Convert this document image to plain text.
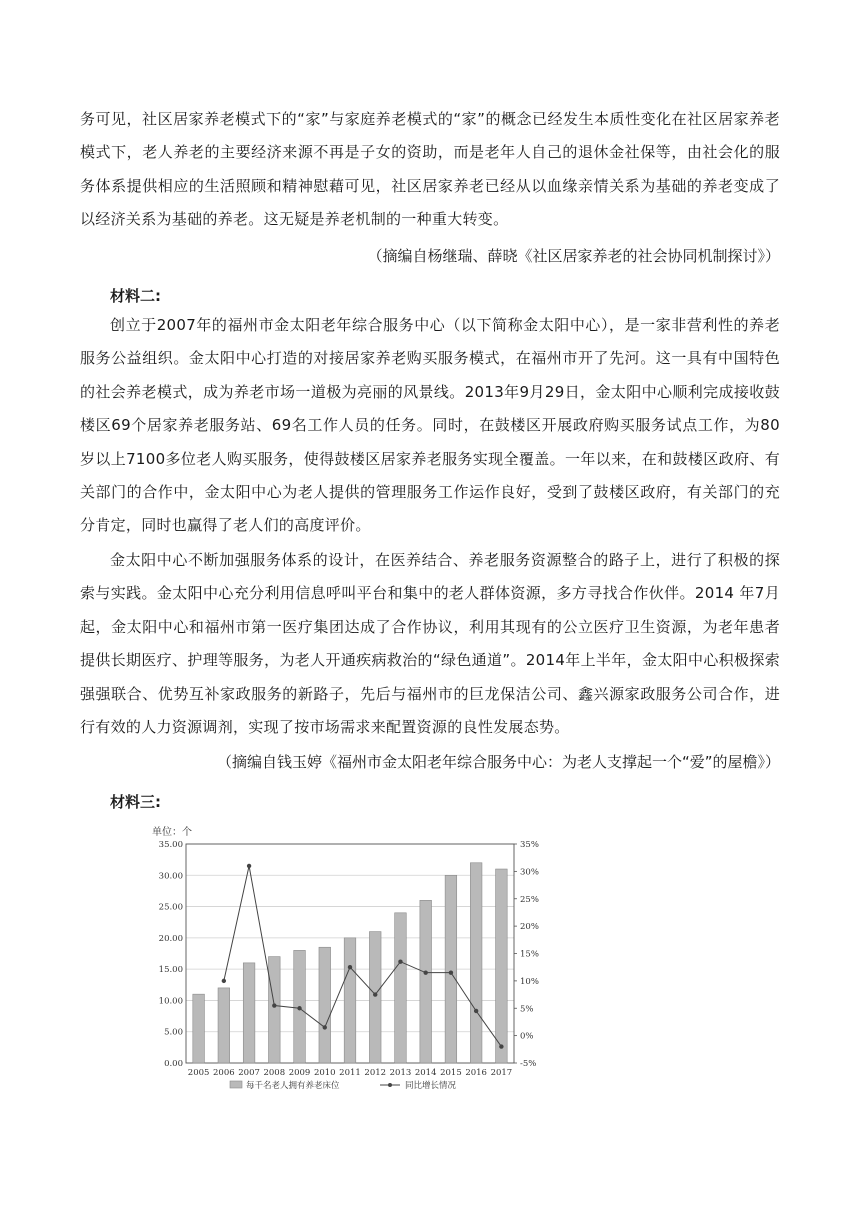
务可见，社区居家养老模式下的“家”与家庭养老模式的“家”的概念已经发生本质性变化在社区居家养老模式下，老人养老的主要经济来源不再是子女的资助，而是老年人自己的退休金社保等，由社会化的服务体系提供相应的生活照顾和精神慰藉可见，社区居家养老已经从以血缘亲情关系为基础的养老变成了以经济关系为基础的养老。这无疑是养老机制的一种重大转变。

（摘编自杨继瑞、薛晓《社区居家养老的社会协同机制探讨》）
材料二:

创立于2007年的福州市金太阳老年综合服务中心（以下简称金太阳中心），是一家非营利性的养老服务公益组织。金太阳中心打造的对接居家养老购买服务模式，在福州市开了先河。这一具有中国特色的社会养老模式，成为养老市场一道极为亮丽的风景线。2013年9月29日，金太阳中心顺利完成接收鼓楼区69个居家养老服务站、69名工作人员的任务。同时，在鼓楼区开展政府购买服务试点工作，为80岁以上7100多位老人购买服务，使得鼓楼区居家养老服务实现全覆盖。一年以来，在和鼓楼区政府、有关部门的合作中，金太阳中心为老人提供的管理服务工作运作良好，受到了鼓楼区政府，有关部门的充分肯定，同时也赢得了老人们的高度评价。

金太阳中心不断加强服务体系的设计，在医养结合、养老服务资源整合的路子上，进行了积极的探索与实践。金太阳中心充分利用信息呼叫平台和集中的老人群体资源，多方寻找合作伙伴。2014 年7月起，金太阳中心和福州市第一医疗集团达成了合作协议，利用其现有的公立医疗卫生资源，为老年患者提供长期医疗、护理等服务，为老人开通疾病救治的“绿色通道”。2014年上半年，金太阳中心积极探索强强联合、优势互补家政服务的新路子，先后与福州市的巨龙保洁公司、鑫兴源家政服务公司合作，进行有效的人力资源调剂，实现了按市场需求来配置资源的良性发展态势。

（摘编自钱玉婷《福州市金太阳老年综合服务中心：为老人支撑起一个“爱”的屋檐》）
材料三:
单位：个
0.00
5.00
10.00
15.00
20.00
25.00
30.00
35.00
-5%
0%
5%
10%
15%
20%
25%
30%
35%
2005 2006 2007 2008 2009 2010 2011 2012 2013 2014 2015 2016 2017
每千名老人拥有养老床位	同比增长情况
